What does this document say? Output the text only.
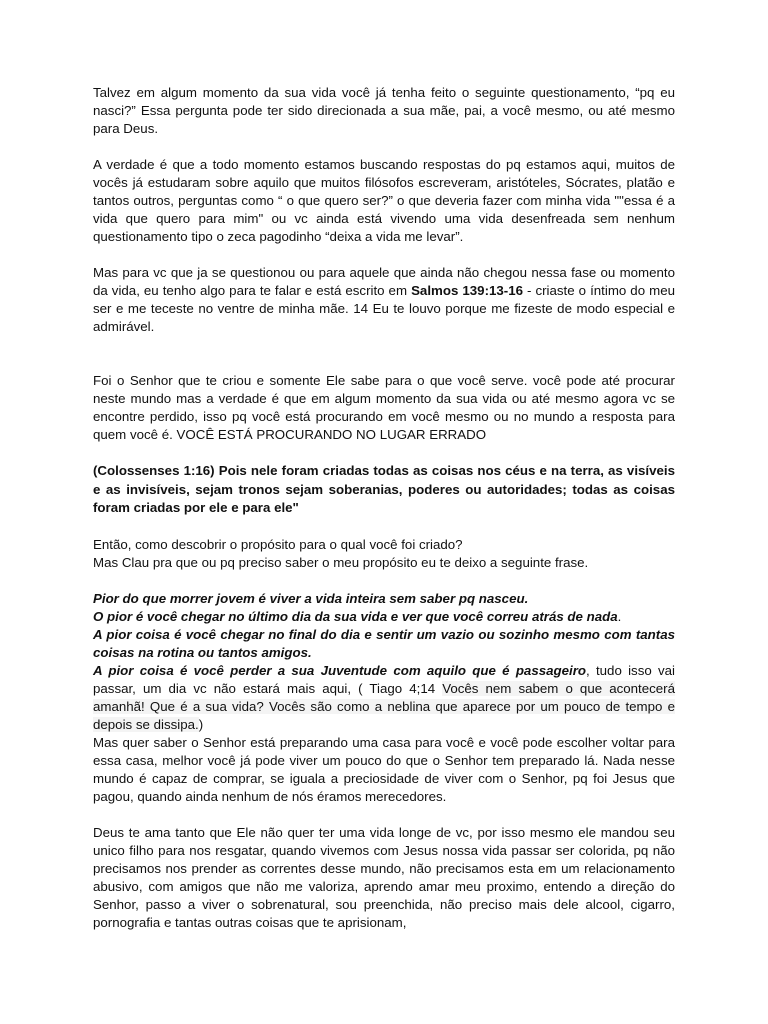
Talvez em algum momento da sua vida você já tenha feito o seguinte questionamento, “pq eu nasci?” Essa pergunta pode ter sido direcionada a sua mãe, pai, a você mesmo, ou até mesmo para Deus.

A verdade é que a todo momento estamos buscando respostas do pq estamos aqui, muitos de vocês já estudaram sobre aquilo que muitos filósofos escreveram, aristóteles, Sócrates, platão e tantos outros, perguntas como “ o que quero ser?” o que deveria fazer com minha vida ""essa é a vida que quero para mim" ou vc ainda está vivendo uma vida desenfreada sem nenhum questionamento tipo o zeca pagodinho “deixa a vida me levar”.

Mas para vc que ja se questionou ou para aquele que ainda não chegou nessa fase ou momento da vida, eu tenho algo para te falar e está escrito em Salmos 139:13-16 - criaste o íntimo do meu ser e me teceste no ventre de minha mãe. 14 Eu te louvo porque me fizeste de modo especial e admirável.

Foi o Senhor que te criou e somente Ele sabe para o que você serve. você pode até procurar neste mundo mas a verdade é que em algum momento da sua vida ou até mesmo agora vc se encontre perdido, isso pq você está procurando em você mesmo ou no mundo a resposta para quem você é. VOCÊ ESTÁ PROCURANDO NO LUGAR ERRADO

(Colossenses 1:16) Pois nele foram criadas todas as coisas nos céus e na terra, as visíveis e as invisíveis, sejam tronos sejam soberanias, poderes ou autoridades; todas as coisas foram criadas por ele e para ele"

Então, como descobrir o propósito para o qual você foi criado?
Mas Clau pra que ou pq preciso saber o meu propósito eu te deixo a seguinte frase.

Pior do que morrer jovem é viver a vida inteira sem saber pq nasceu.
O pior é você chegar no último dia da sua vida e ver que você correu atrás de nada.
A pior coisa é você chegar no final do dia e sentir um vazio ou sozinho mesmo com tantas coisas na rotina ou tantos amigos.
A pior coisa é você perder a sua Juventude com aquilo que é passageiro, tudo isso vai passar, um dia vc não estará mais aqui, ( Tiago 4;14 Vocês nem sabem o que acontecerá amanhã! Que é a sua vida? Vocês são como a neblina que aparece por um pouco de tempo e depois se dissipa.)

Mas quer saber o Senhor está preparando uma casa para você e você pode escolher voltar para essa casa, melhor você já pode viver um pouco do que o Senhor tem preparado lá. Nada nesse mundo é capaz de comprar, se iguala a preciosidade de viver com o Senhor, pq foi Jesus que pagou, quando ainda nenhum de nós éramos merecedores.

Deus te ama tanto que Ele não quer ter uma vida longe de vc, por isso mesmo ele mandou seu unico filho para nos resgatar, quando vivemos com Jesus nossa vida passar ser colorida, pq não precisamos nos prender as correntes desse mundo, não precisamos esta em um relacionamento abusivo, com amigos que não me valoriza, aprendo amar meu proximo, entendo a direção do Senhor, passo a viver o sobrenatural, sou preenchida, não preciso mais dele alcool, cigarro, pornografia e tantas outras coisas que te aprisionam,
